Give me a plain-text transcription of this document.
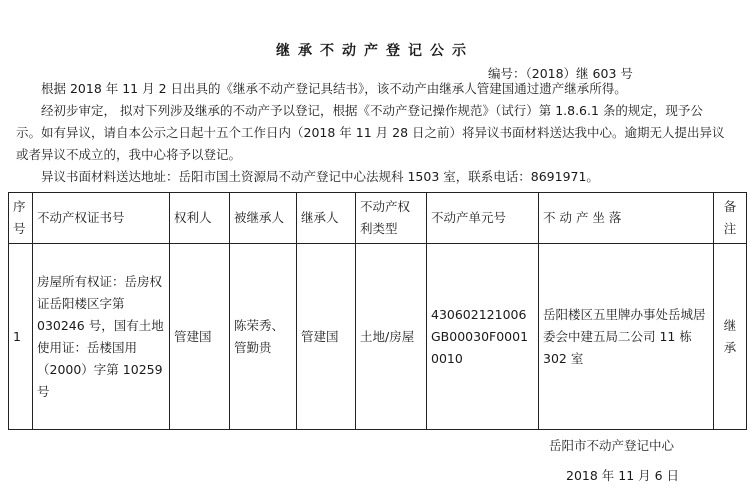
继承不动产登记公示
编号：（2018）继 603 号
根据 2018 年 11 月 2 日出具的《继承不动产登记具结书》，该不动产由继承人管建国通过遗产继承所得。
经初步审定， 拟对下列涉及继承的不动产予以登记，根据《不动产登记操作规范》（试行）第 1.8.6.1 条的规定，现予公示。如有异议，请自本公示之日起十五个工作日内（2018 年 11 月 28 日之前）将异议书面材料送达我中心。逾期无人提出异议或者异议不成立的，我中心将予以登记。
异议书面材料送达地址：岳阳市国土资源局不动产登记中心法规科 1503 室，联系电话：8691971。
序号	不动产权证书号	权利人	被继承人	继承人	不动产权利类型	不动产单元号	不 动 产 坐 落	备注
1	房屋所有权证：岳房权证岳阳楼区字第 030246 号，国有土地使用证：岳楼国用（2000）字第 10259 号	管建国	陈荣秀、管勤贵	管建国	土地/房屋	430602121006GB00030F00010010	岳阳楼区五里牌办事处岳城居委会中建五局二公司 11 栋 302 室	继承
岳阳市不动产登记中心
2018 年 11 月 6 日
